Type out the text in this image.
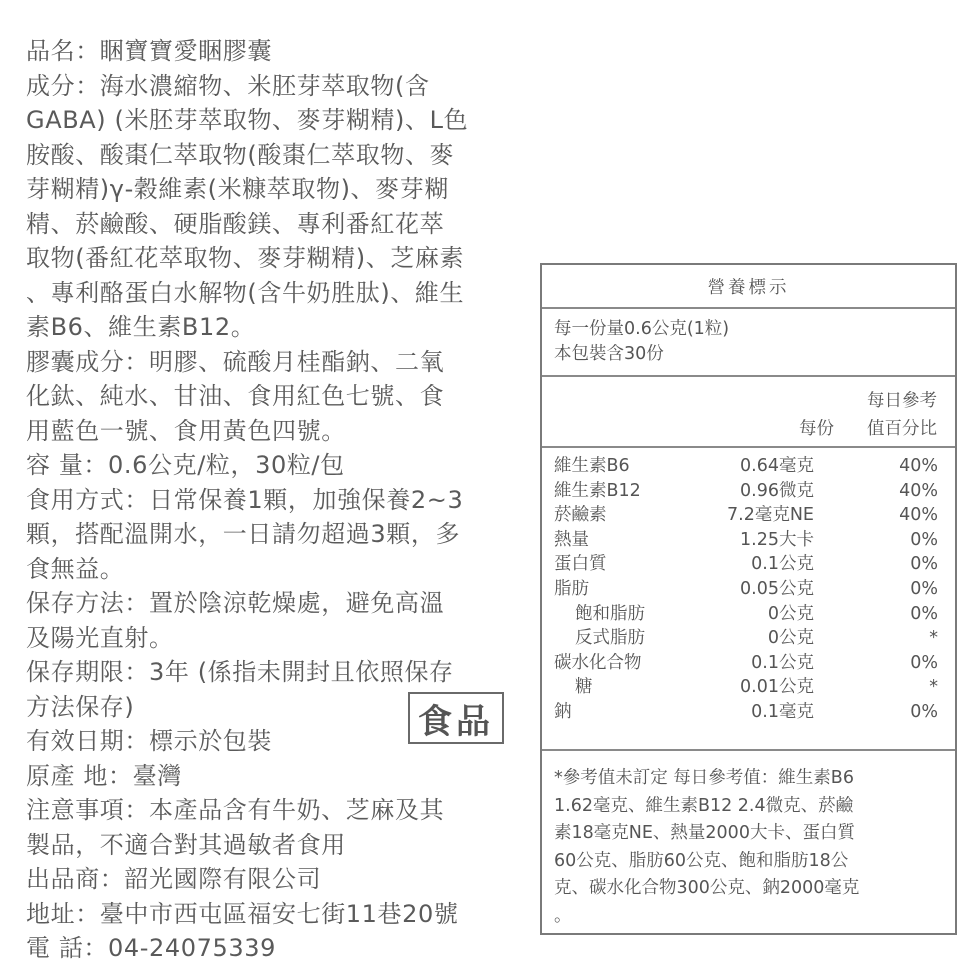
品名：睏寶寶愛睏膠囊

成分：海水濃縮物、米胚芽萃取物(含

GABA) (米胚芽萃取物、麥芽糊精)、L色

胺酸、酸棗仁萃取物(酸棗仁萃取物、麥

芽糊精)γ-穀維素(米糠萃取物)、麥芽糊

精、菸鹼酸、硬脂酸鎂、專利番紅花萃

取物(番紅花萃取物、麥芽糊精)、芝麻素

、專利酪蛋白水解物(含牛奶胜肽)、維生

素B6、維生素B12。

膠囊成分：明膠、硫酸月桂酯鈉、二氧

化鈦、純水、甘油、食用紅色七號、食

用藍色一號、食用黃色四號。

容 量：0.6公克/粒，30粒/包

食用方式：日常保養1顆，加強保養2~3

顆，搭配溫開水，一日請勿超過3顆，多

食無益。

保存方法：置於陰涼乾燥處，避免高溫

及陽光直射。

保存期限：3年 (係指未開封且依照保存

方法保存)

有效日期：標示於包裝

原產 地：臺灣

注意事項：本產品含有牛奶、芝麻及其

製品，不適合對其過敏者食用

出品商：韶光國際有限公司

地址：臺中市西屯區福安七街11巷20號

電 話：04-24075339

食品
營養標示
每一份量0.6公克(1粒)
本包裝含30份
每份
每日參考
值百分比
維生素B6	0.64毫克	40%
維生素B12	0.96微克	40%
菸鹼素	7.2毫克NE	40%
熱量	1.25大卡	0%
蛋白質	0.1公克	0%
脂肪	0.05公克	0%
飽和脂肪	0公克	0%
反式脂肪	0公克	*
碳水化合物	0.1公克	0%
糖	0.01公克	*
鈉	0.1毫克	0%
*參考值未訂定 每日參考值：維生素B6
1.62毫克、維生素B12 2.4微克、菸鹼
素18毫克NE、熱量2000大卡、蛋白質
60公克、脂肪60公克、飽和脂肪18公
克、碳水化合物300公克、鈉2000毫克
。
